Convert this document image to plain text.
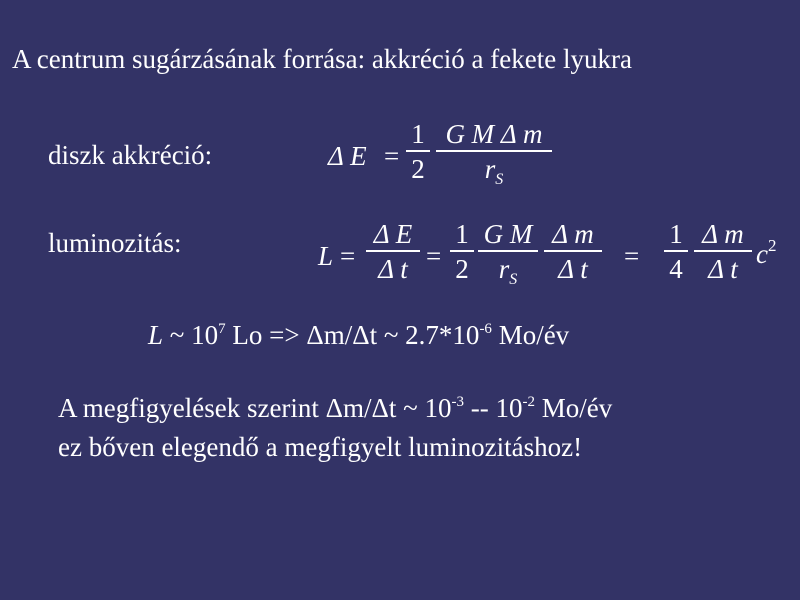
A centrum sugárzásának forrása: akkréció a fekete lyukra
diszk akkréció:	Δ E =
1
2
G M Δ m
$r_S$
luminozitás:	L =
Δ E
Δ t =
1
2
G M
$r_S$
Δ m
Δ t	=
1
4
Δ m
Δ t $c^2$
L ~ $10^7$ Lo => Δm/Δt ~ $2.7*10^{-6}$ Mo/év
A megfigyelések szerint Δm/Δt ~ $10^{-3} -- 10^{-2}$ Mo/év
ez bőven elegendő a megfigyelt luminozitáshoz!
